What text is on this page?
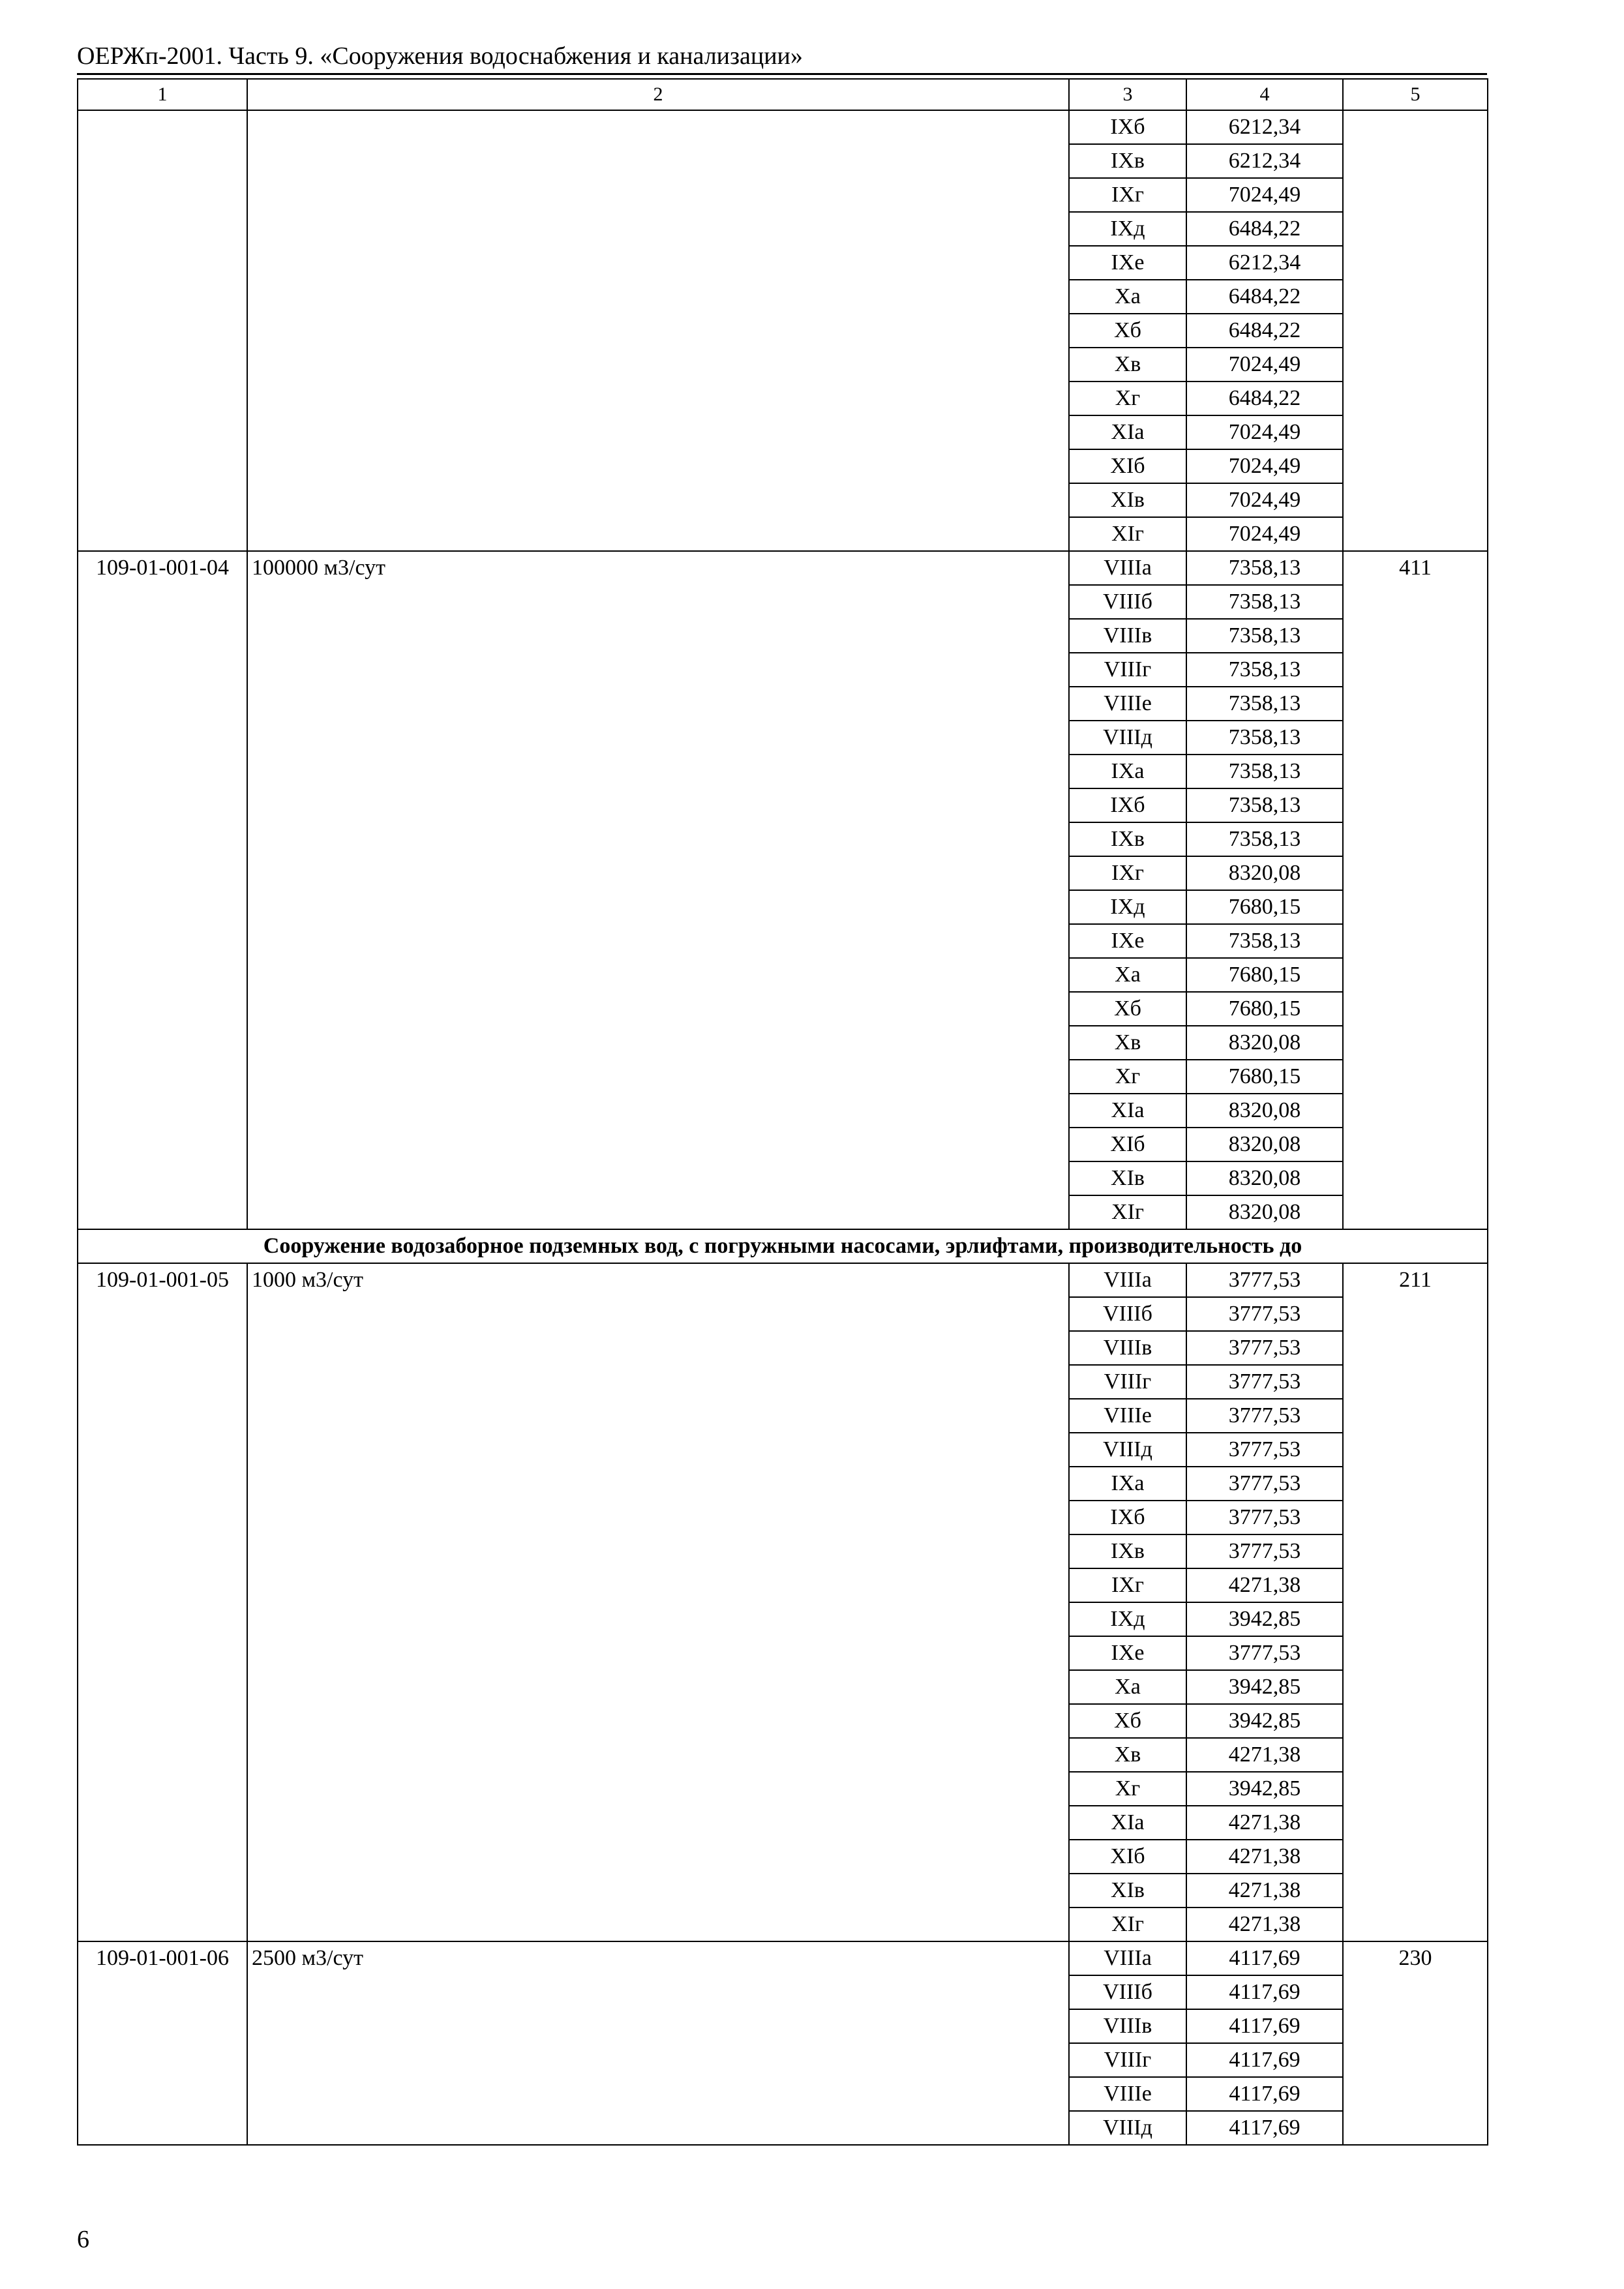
ОЕРЖп-2001. Часть 9. «Сооружения водоснабжения и канализации»
1	2	3	4	5
		IXб	6212,34	
		IXв	6212,34	
		IXг	7024,49	
		IXд	6484,22	
		IXе	6212,34	
		Xа	6484,22	
		Xб	6484,22	
		Xв	7024,49	
		Xг	6484,22	
		XIа	7024,49	
		XIб	7024,49	
		XIв	7024,49	
		XIг	7024,49	
109-01-001-04	100000 м3/сут	VIIIа	7358,13	411
		VIIIб	7358,13	
		VIIIв	7358,13	
		VIIIг	7358,13	
		VIIIе	7358,13	
		VIIIд	7358,13	
		IXа	7358,13	
		IXб	7358,13	
		IXв	7358,13	
		IXг	8320,08	
		IXд	7680,15	
		IXе	7358,13	
		Xа	7680,15	
		Xб	7680,15	
		Xв	8320,08	
		Xг	7680,15	
		XIа	8320,08	
		XIб	8320,08	
		XIв	8320,08	
		XIг	8320,08	
Сооружение водозаборное подземных вод, с погружными насосами, эрлифтами, производительность до				
109-01-001-05	1000 м3/сут	VIIIа	3777,53	211
		VIIIб	3777,53	
		VIIIв	3777,53	
		VIIIг	3777,53	
		VIIIе	3777,53	
		VIIIд	3777,53	
		IXа	3777,53	
		IXб	3777,53	
		IXв	3777,53	
		IXг	4271,38	
		IXд	3942,85	
		IXе	3777,53	
		Xа	3942,85	
		Xб	3942,85	
		Xв	4271,38	
		Xг	3942,85	
		XIа	4271,38	
		XIб	4271,38	
		XIв	4271,38	
		XIг	4271,38	
109-01-001-06	2500 м3/сут	VIIIа	4117,69	230
		VIIIб	4117,69	
		VIIIв	4117,69	
		VIIIг	4117,69	
		VIIIе	4117,69	
		VIIIд	4117,69	
6
